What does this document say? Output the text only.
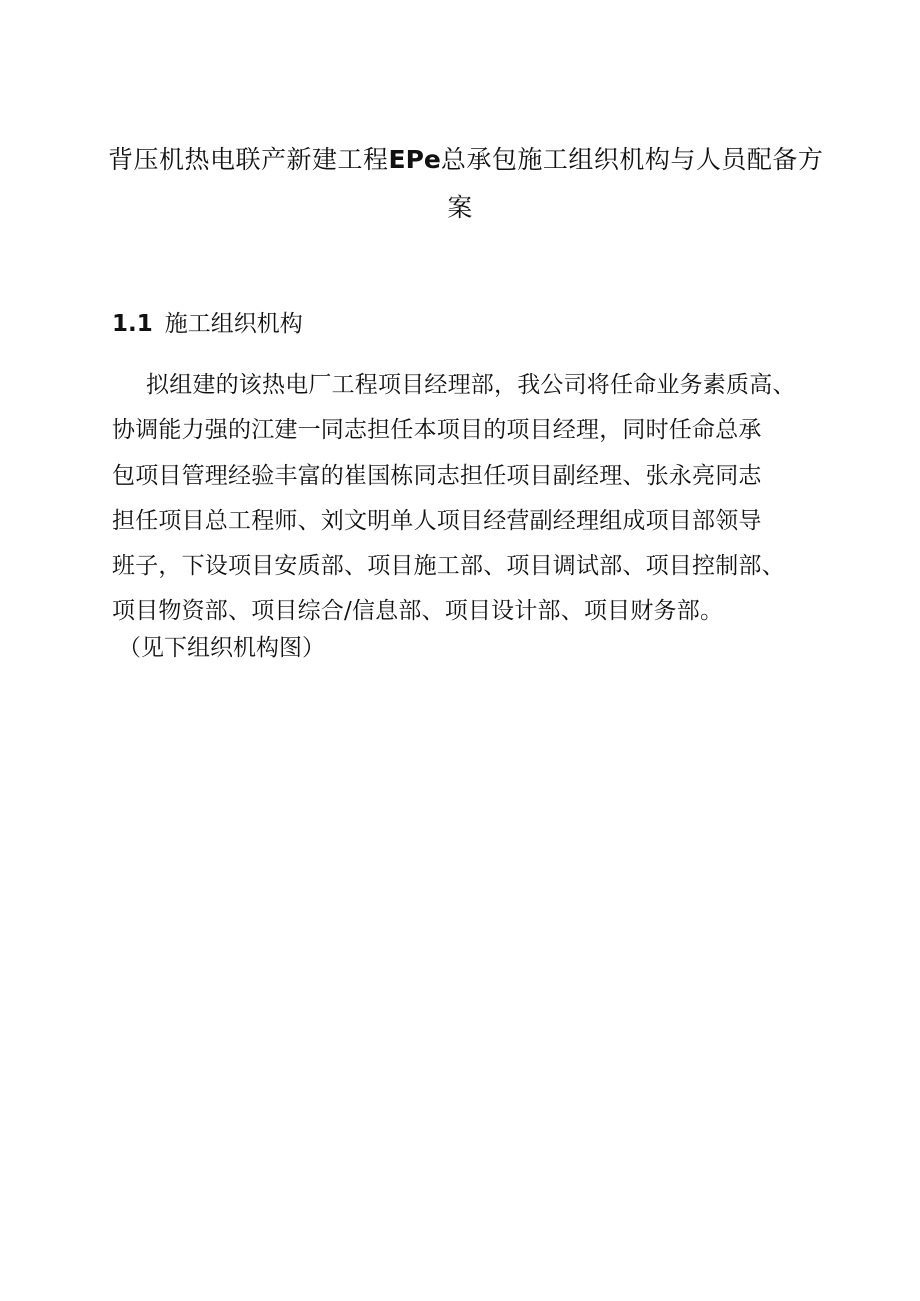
背压机热电联产新建工程EPe总承包施工组织机构与人员配备方
案
1.1 施工组织机构
拟组建的该热电厂工程项目经理部，我公司将任命业务素质高、
协调能力强的江建一同志担任本项目的项目经理，同时任命总承
包项目管理经验丰富的崔国栋同志担任项目副经理、张永亮同志
担任项目总工程师、刘文明单人项目经营副经理组成项目部领导
班子，下设项目安质部、项目施工部、项目调试部、项目控制部、
项目物资部、项目综合/信息部、项目设计部、项目财务部。
（见下组织机构图）
